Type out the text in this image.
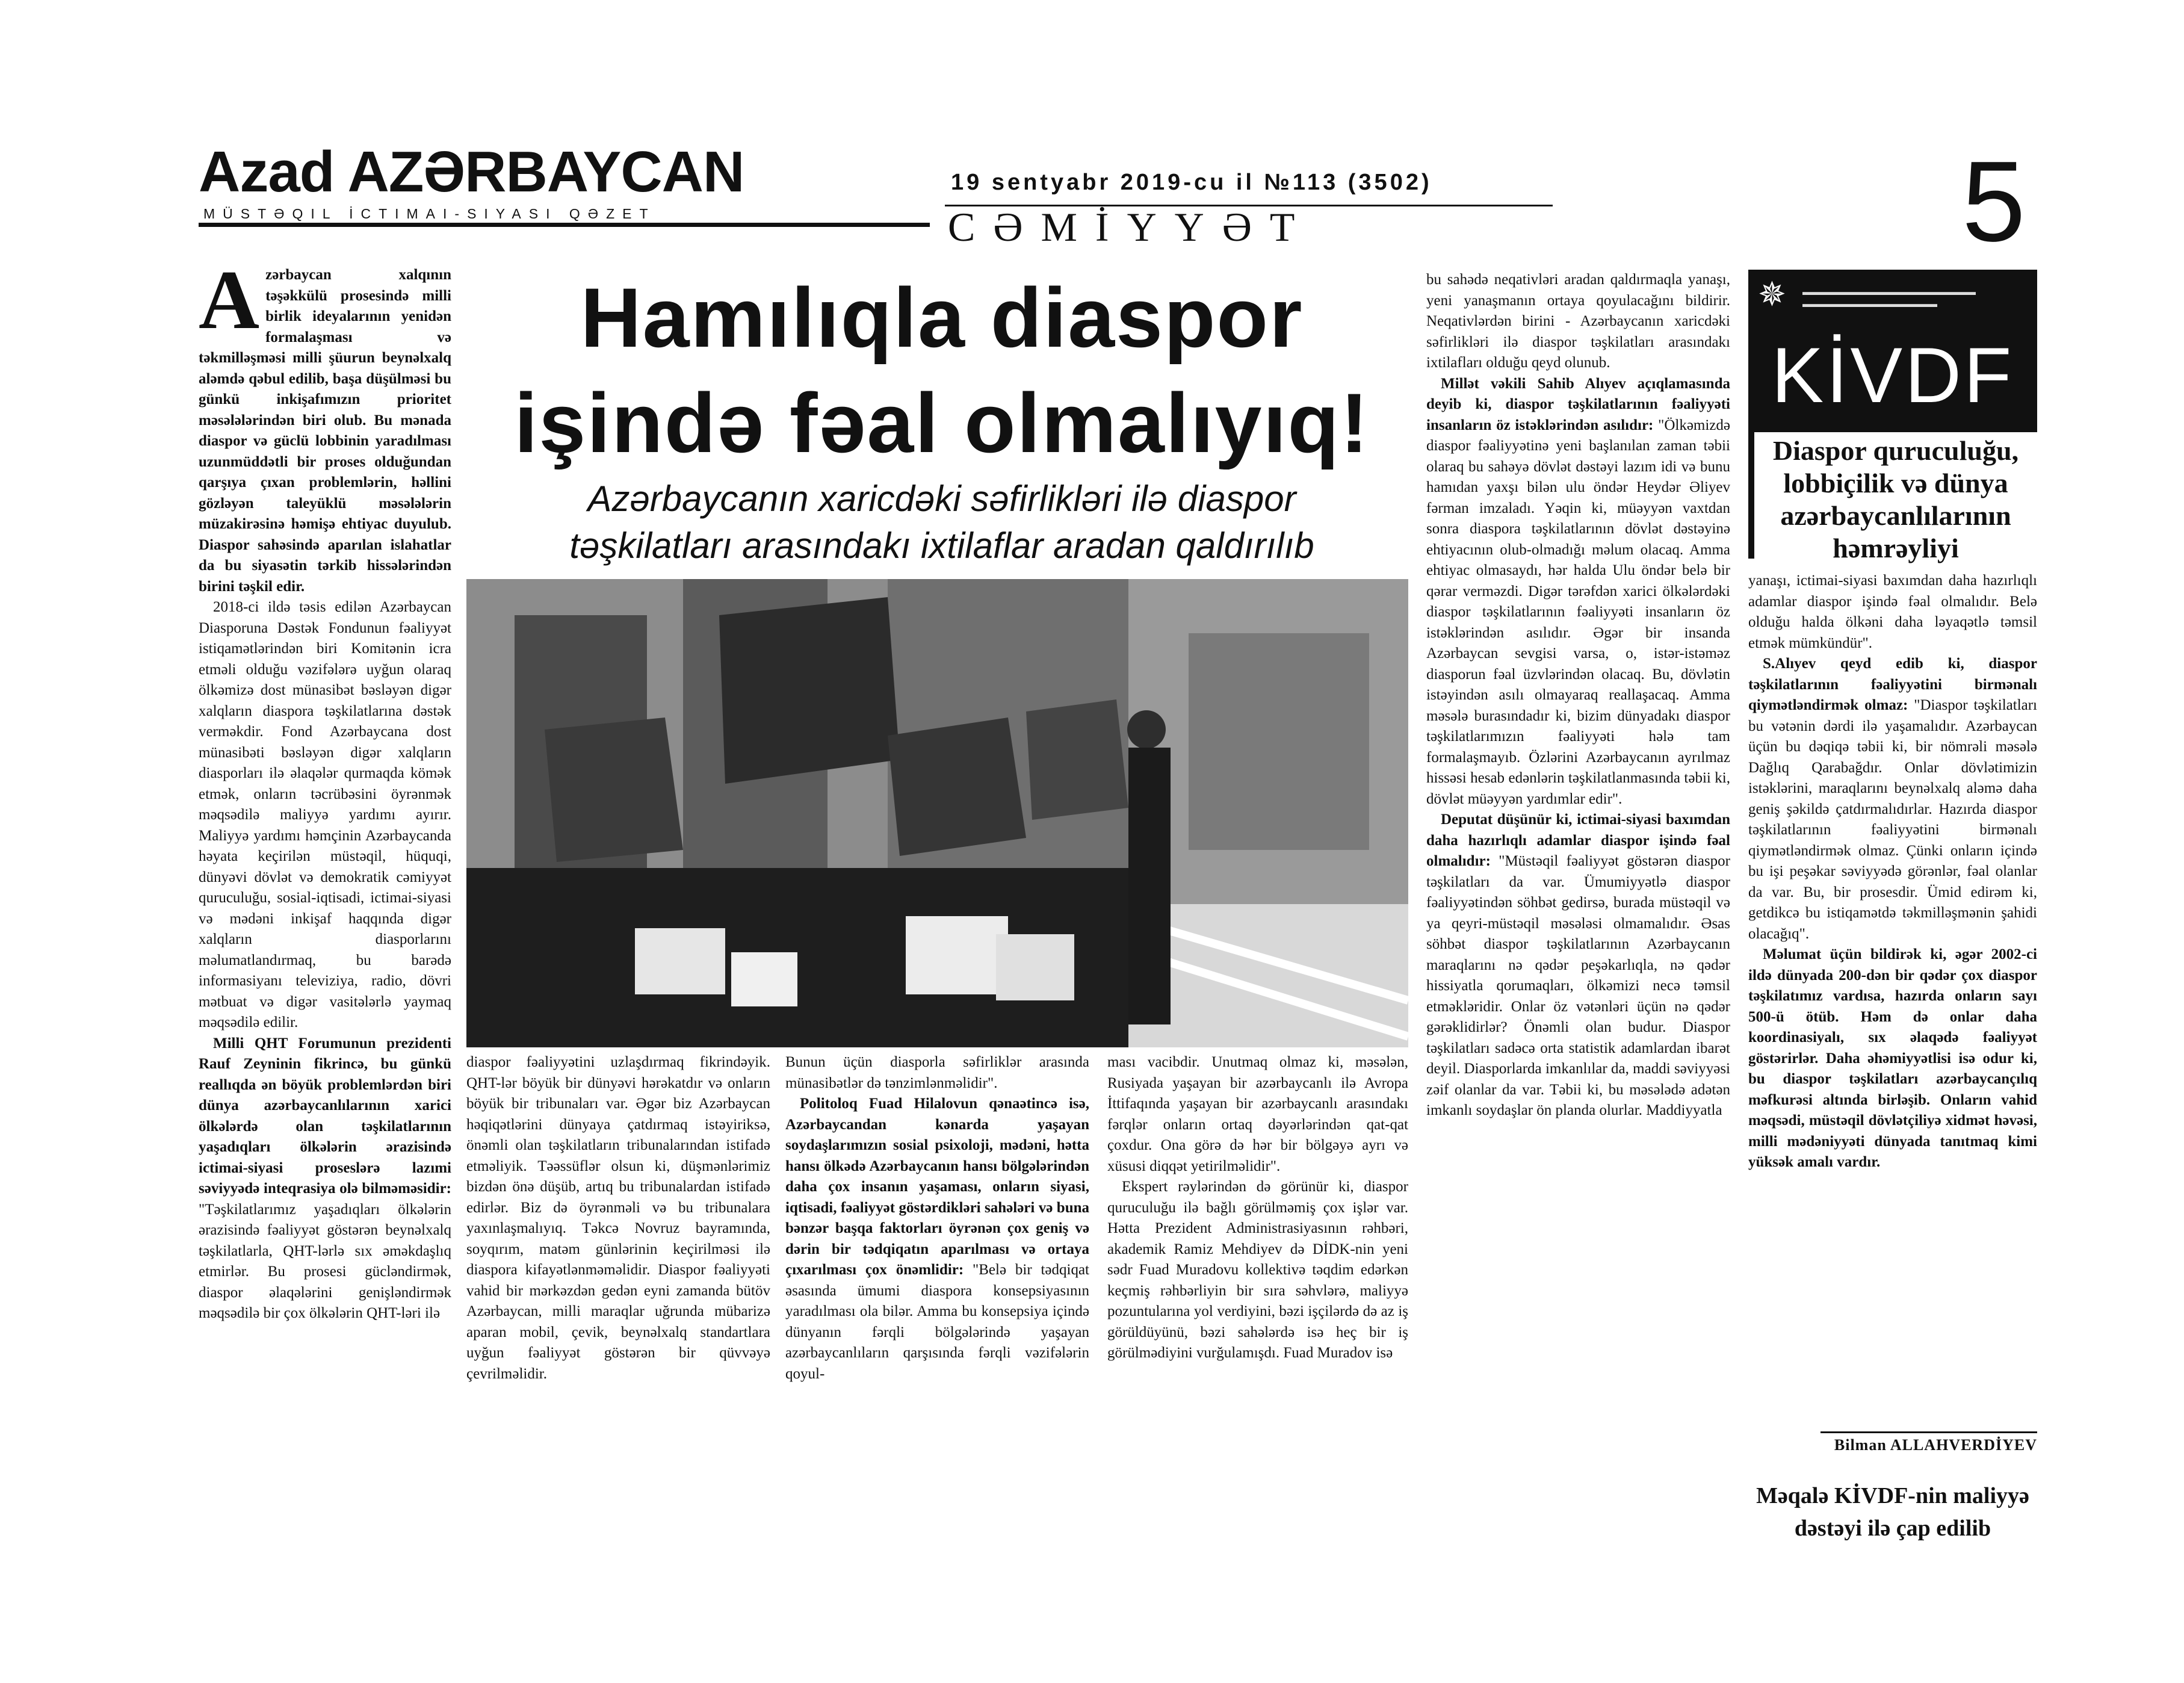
Azad AZƏRBAYCAN
MÜSTƏQIL İCTIMAI-SIYASI QƏZET
19 sentyabr 2019-cu il №113 (3502)
CƏMİYYƏT	5

Azərbaycan xalqının təşəkkülü prosesində milli birlik ideyalarının yenidən formalaşması və təkmilləşməsi milli şüurun beynəlxalq aləmdə qəbul edilib, başa düşülməsi bu günkü inkişafımızın prioritet məsələlərindən biri olub. Bu mənada diaspor və güclü lobbinin yaradılması uzunmüddətli bir proses olduğundan qarşıya çıxan problemlərin, həllini gözləyən taleyüklü məsələlərin müzakirəsinə həmişə ehtiyac duyulub. Diaspor sahəsində aparılan islahatlar da bu siyasətin tərkib hissələrindən birini təşkil edir.

2018-ci ildə təsis edilən Azərbaycan Diasporuna Dəstək Fondunun fəaliyyət istiqamətlərindən biri Komitənin icra etməli olduğu vəzifələrə uyğun olaraq ölkəmizə dost münasibət bəsləyən digər xalqların diaspora təşkilatlarına dəstək verməkdir. Fond Azərbaycana dost münasibəti bəsləyən digər xalqların diasporları ilə əlaqələr qurmaqda kömək etmək, onların təcrübəsini öyrənmək məqsədilə maliyyə yardımı ayırır. Maliyyə yardımı həmçinin Azərbaycanda həyata keçirilən müstəqil, hüquqi, dünyəvi dövlət və demokratik cəmiyyət quruculuğu, sosial-iqtisadi, ictimai-siyasi və mədəni inkişaf haqqında digər xalqların diasporlarını məlumatlandırmaq, bu barədə informasiyanı televiziya, radio, dövri mətbuat və digər vasitələrlə yaymaq məqsədilə edilir.

Milli QHT Forumunun prezidenti Rauf Zeyninin fikrincə, bu günkü reallıqda ən böyük problemlərdən biri dünya azərbaycanlılarının xarici ölkələrdə olan təşkilatlarının yaşadıqları ölkələrin ərazisində ictimai-siyasi proseslərə lazımi səviyyədə inteqrasiya olə bilməməsidir: "Təşkilatlarımız yaşadıqları ölkələrin ərazisində fəaliyyət göstərən beynəlxalq təşkilatlarla, QHT-lərlə sıx əməkdaşlıq etmirlər. Bu prosesi gücləndirmək, diaspor əlaqələrini genişləndirmək məqsədilə bir çox ölkələrin QHT-ləri ilə

Hamılıqla diaspor
işində fəal olmalıyıq!
Azərbaycanın xaricdəki səfirlikləri ilə diaspor
təşkilatları arasındakı ixtilaflar aradan qaldırılıb

diaspor fəaliyyətini uzlaşdırmaq fikrindəyik. QHT-lər böyük bir dünyəvi hərəkatdır və onların böyük bir tribunaları var. Əgər biz Azərbaycan həqiqətlərini dünyaya çatdırmaq istəyiriksə, önəmli olan təşkilatların tribunalarından istifadə etməliyik. Təəssüflər olsun ki, düşmənlərimiz bizdən önə düşüb, artıq bu tribunalardan istifadə edirlər. Biz də öyrənməli və bu tribunalara yaxınlaşmalıyıq. Təkcə Novruz bayramında, soyqırım, matəm günlərinin keçirilməsi ilə diaspora kifayətlənməməlidir. Diaspor fəaliyyəti vahid bir mərkəzdən gedən eyni zamanda bütöv Azərbaycan, milli maraqlar uğrunda mübarizə aparan mobil, çevik, beynəlxalq standartlara uyğun fəaliyyət göstərən bir qüvvəyə çevrilməlidir.

Bunun üçün diasporla səfirliklər arasında münasibətlər də tənzimlənməlidir".

Politoloq Fuad Hilalovun qənaətincə isə, Azərbaycandan kənarda yaşayan soydaşlarımızın sosial psixoloji, mədəni, hətta hansı ölkədə Azərbaycanın hansı bölgələrindən daha çox insanın yaşaması, onların siyasi, iqtisadi, fəaliyyət göstərdikləri sahələri və buna bənzər başqa faktorları öyrənən çox geniş və dərin bir tədqiqatın aparılması və ortaya çıxarılması çox önəmlidir: "Belə bir tədqiqat əsasında ümumi diaspora konsepsiyasının yaradılması ola bilər. Amma bu konsepsiya içində dünyanın fərqli bölgələrində yaşayan azərbaycanlıların qarşısında fərqli vəzifələrin qoyul-

ması vacibdir. Unutmaq olmaz ki, məsələn, Rusiyada yaşayan bir azərbaycanlı ilə Avropa İttifaqında yaşayan bir azərbaycanlı arasındakı fərqlər onların ortaq dəyərlərindən qat-qat çoxdur. Ona görə də hər bir bölgəyə ayrı və xüsusi diqqət yetirilməlidir".

Ekspert rəylərindən də görünür ki, diaspor quruculuğu ilə bağlı görülməmiş çox işlər var. Hətta Prezident Administrasiyasının rəhbəri, akademik Ramiz Mehdiyev də DİDK-nin yeni sədr Fuad Muradovu kollektivə təqdim edərkən keçmiş rəhbərliyin bir sıra səhvlərə, maliyyə pozuntularına yol verdiyini, bəzi işçilərdə də az iş görüldüyünü, bəzi sahələrdə isə heç bir iş görülmədiyini vurğulamışdı. Fuad Muradov isə

bu sahədə neqativləri aradan qaldırmaqla yanaşı, yeni yanaşmanın ortaya qoyulacağını bildirir. Neqativlərdən birini - Azərbaycanın xaricdəki səfirlikləri ilə diaspor təşkilatları arasındakı ixtilafları olduğu qeyd olunub.

Millət vəkili Sahib Alıyev açıqlamasında deyib ki, diaspor təşkilatlarının fəaliyyəti insanların öz istəklərindən asılıdır: "Ölkəmizdə diaspor fəaliyyətinə yeni başlanılan zaman təbii olaraq bu sahəyə dövlət dəstəyi lazım idi və bunu hamıdan yaxşı bilən ulu öndər Heydər Əliyev fərman imzaladı. Yəqin ki, müəyyən vaxtdan sonra diaspora təşkilatlarının dövlət dəstəyinə ehtiyacının olub-olmadığı məlum olacaq. Amma ehtiyac olmasaydı, hər halda Ulu öndər belə bir qərar verməzdi. Digər tərəfdən xarici ölkələrdəki diaspor təşkilatlarının fəaliyyəti insanların öz istəklərindən asılıdır. Əgər bir insanda Azərbaycan sevgisi varsa, o, istər-istəməz diasporun fəal üzvlərindən olacaq. Bu, dövlətin istəyindən asılı olmayaraq reallaşacaq. Amma məsələ burasındadır ki, bizim dünyadakı diaspor təşkilatlarımızın fəaliyyəti hələ tam formalaşmayıb. Özlərini Azərbaycanın ayrılmaz hissəsi hesab edənlərin təşkilatlanmasında təbii ki, dövlət müəyyən yardımlar edir".

Deputat düşünür ki, ictimai-siyasi baxımdan daha hazırlıqlı adamlar diaspor işində fəal olmalıdır: "Müstəqil fəaliyyət göstərən diaspor təşkilatları da var. Ümumiyyətlə diaspor fəaliyyətindən söhbət gedirsə, burada müstəqil və ya qeyri-müstəqil məsələsi olmamalıdır. Əsas söhbət diaspor təşkilatlarının Azərbaycanın maraqlarını nə qədər peşəkarlıqla, nə qədər hissiyatla qorumaqları, ölkəmizi necə təmsil etməkləridir. Onlar öz vətənləri üçün nə qədər gərəklidirlər? Önəmli olan budur. Diaspor təşkilatları sadəcə orta statistik adamlardan ibarət deyil. Diasporlarda imkanlılar da, maddi səviyyəsi zəif olanlar da var. Təbii ki, bu məsələdə adətən imkanlı soydaşlar ön planda olurlar. Maddiyyatla

✵ ▬▬▬▬▬▬▬▬▬▬▬▬▬▬▬▬▬▬
▬▬▬▬▬▬▬▬▬▬▬▬▬▬
KİVDF
Diaspor quruculuğu, lobbiçilik və dünya azərbaycanlılarının həmrəyliyi

yanaşı, ictimai-siyasi baxımdan daha hazırlıqlı adamlar diaspor işində fəal olmalıdır. Belə olduğu halda ölkəni daha ləyaqətlə təmsil etmək mümkündür".

S.Alıyev qeyd edib ki, diaspor təşkilatlarının fəaliyyətini birmənalı qiymətləndirmək olmaz: "Diaspor təşkilatları bu vətənin dərdi ilə yaşamalıdır. Azərbaycan üçün bu dəqiqə təbii ki, bir nömrəli məsələ Dağlıq Qarabağdır. Onlar dövlətimizin istəklərini, maraqlarını beynəlxalq aləmə daha geniş şəkildə çatdırmalıdırlar. Hazırda diaspor təşkilatlarının fəaliyyətini birmənalı qiymətləndirmək olmaz. Çünki onların içində bu işi peşəkar səviyyədə görənlər, fəal olanlar da var. Bu, bir prosesdir. Ümid edirəm ki, getdikcə bu istiqamətdə təkmilləşmənin şahidi olacağıq".

Məlumat üçün bildirək ki, əgər 2002-ci ildə dünyada 200-dən bir qədər çox diaspor təşkilatımız vardısa, hazırda onların sayı 500-ü ötüb. Həm də onlar daha koordinasiyalı, sıx əlaqədə fəaliyyət göstərirlər. Daha əhəmiyyətlisi isə odur ki, bu diaspor təşkilatları azərbaycançılıq məfkurəsi altında birləşib. Onların vahid məqsədi, müstəqil dövlətçiliyə xidmət həvəsi, milli mədəniyyəti dünyada tanıtmaq kimi yüksək amalı vardır.

Bilman ALLAHVERDİYEV
Məqalə KİVDF-nin maliyyə dəstəyi ilə çap edilib
